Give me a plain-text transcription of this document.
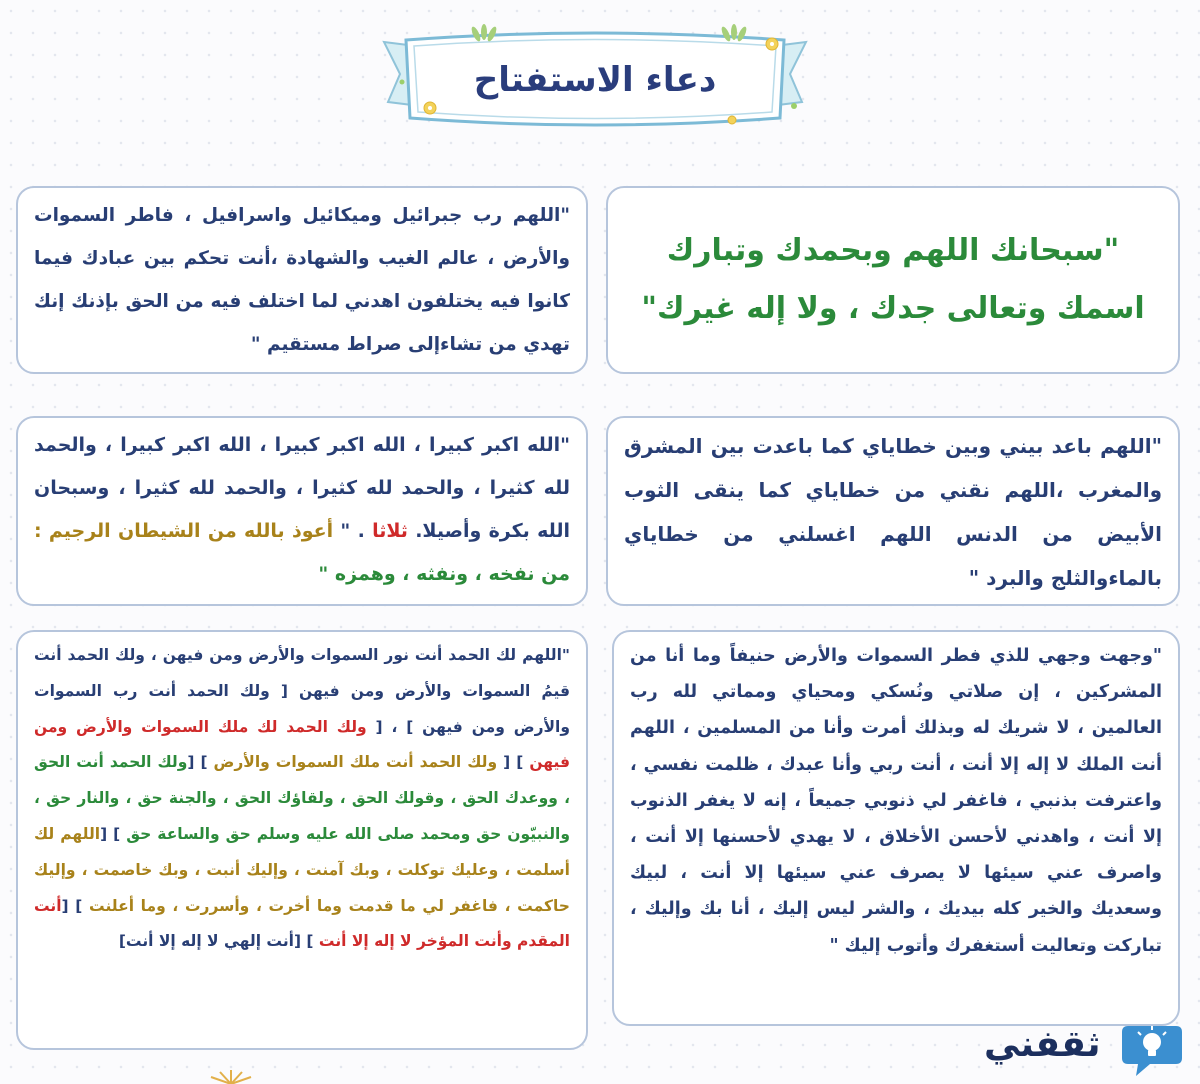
دعاء الاستفتاح

"سبحانك اللهم وبحمدك وتبارك اسمك وتعالى جدك ، ولا إله غيرك"

"اللهم رب جبرائيل وميكائيل واسرافيل ، فاطر السموات والأرض ، عالم الغيب والشهادة ،أنت تحكم بين عبادك فيما كانوا فيه يختلفون اهدني لما اختلف فيه من الحق بإذنك إنك تهدي من تشاءإلى صراط مستقيم "

"اللهم باعد بيني وبين خطاياي كما باعدت بين المشرق والمغرب ،اللهم نقني من خطاياي كما ينقى الثوب الأبيض من الدنس اللهم اغسلني من خطاياي بالماءوالثلج والبرد "

"الله اكبر كبيرا ، الله اكبر كبيرا ، الله اكبر كبيرا ، والحمد لله كثيرا ، والحمد لله كثيرا ، والحمد لله كثيرا ، وسبحان الله بكرة وأصيلا. ثلاثا . " أعوذ بالله من الشيطان الرجيم : من نفخه ، ونفثه ، وهمزه "

"وجهت وجهي للذي فطر السموات والأرض حنيفاً وما أنا من المشركين ، إن صلاتي ونُسكي ومحياي ومماتي لله رب العالمين ، لا شريك له وبذلك أمرت وأنا من المسلمين ، اللهم أنت الملك لا إله إلا أنت ، أنت ربي وأنا عبدك ، ظلمت نفسي ، واعترفت بذنبي ، فاغفر لي ذنوبي جميعاً ، إنه لا يغفر الذنوب إلا أنت ، واهدني لأحسن الأخلاق ، لا يهدي لأحسنها إلا أنت ، واصرف عني سيئها لا يصرف عني سيئها إلا أنت ، لبيك وسعديك والخير كله بيديك ، والشر ليس إليك ، أنا بك وإليك ، تباركت وتعاليت أستغفرك وأتوب إليك "

"اللهم لك الحمد أنت نور السموات والأرض ومن فيهن ، ولك الحمد أنت قيمُ السموات والأرض ومن فيهن [ ولك الحمد أنت رب السموات والأرض ومن فيهن ] ، [ ولك الحمد لك ملك السموات والأرض ومن فيهن ] [ ولك الحمد أنت ملك السموات والأرض ] [ولك الحمد أنت الحق ، ووعدك الحق ، وقولك الحق ، ولقاؤك الحق ، والجنة حق ، والنار حق ، والنبيّون حق ومحمد صلى الله عليه وسلم حق والساعة حق ] [اللهم لك أسلمت ، وعليك توكلت ، وبك آمنت ، وإليك أنبت ، وبك خاصمت ، وإليك حاكمت ، فاغفر لي ما قدمت وما أخرت ، وأسررت ، وما أعلنت ] [أنت المقدم وأنت المؤخر لا إله إلا أنت ] [أنت إلهي لا إله إلا أنت]

ثقفني
